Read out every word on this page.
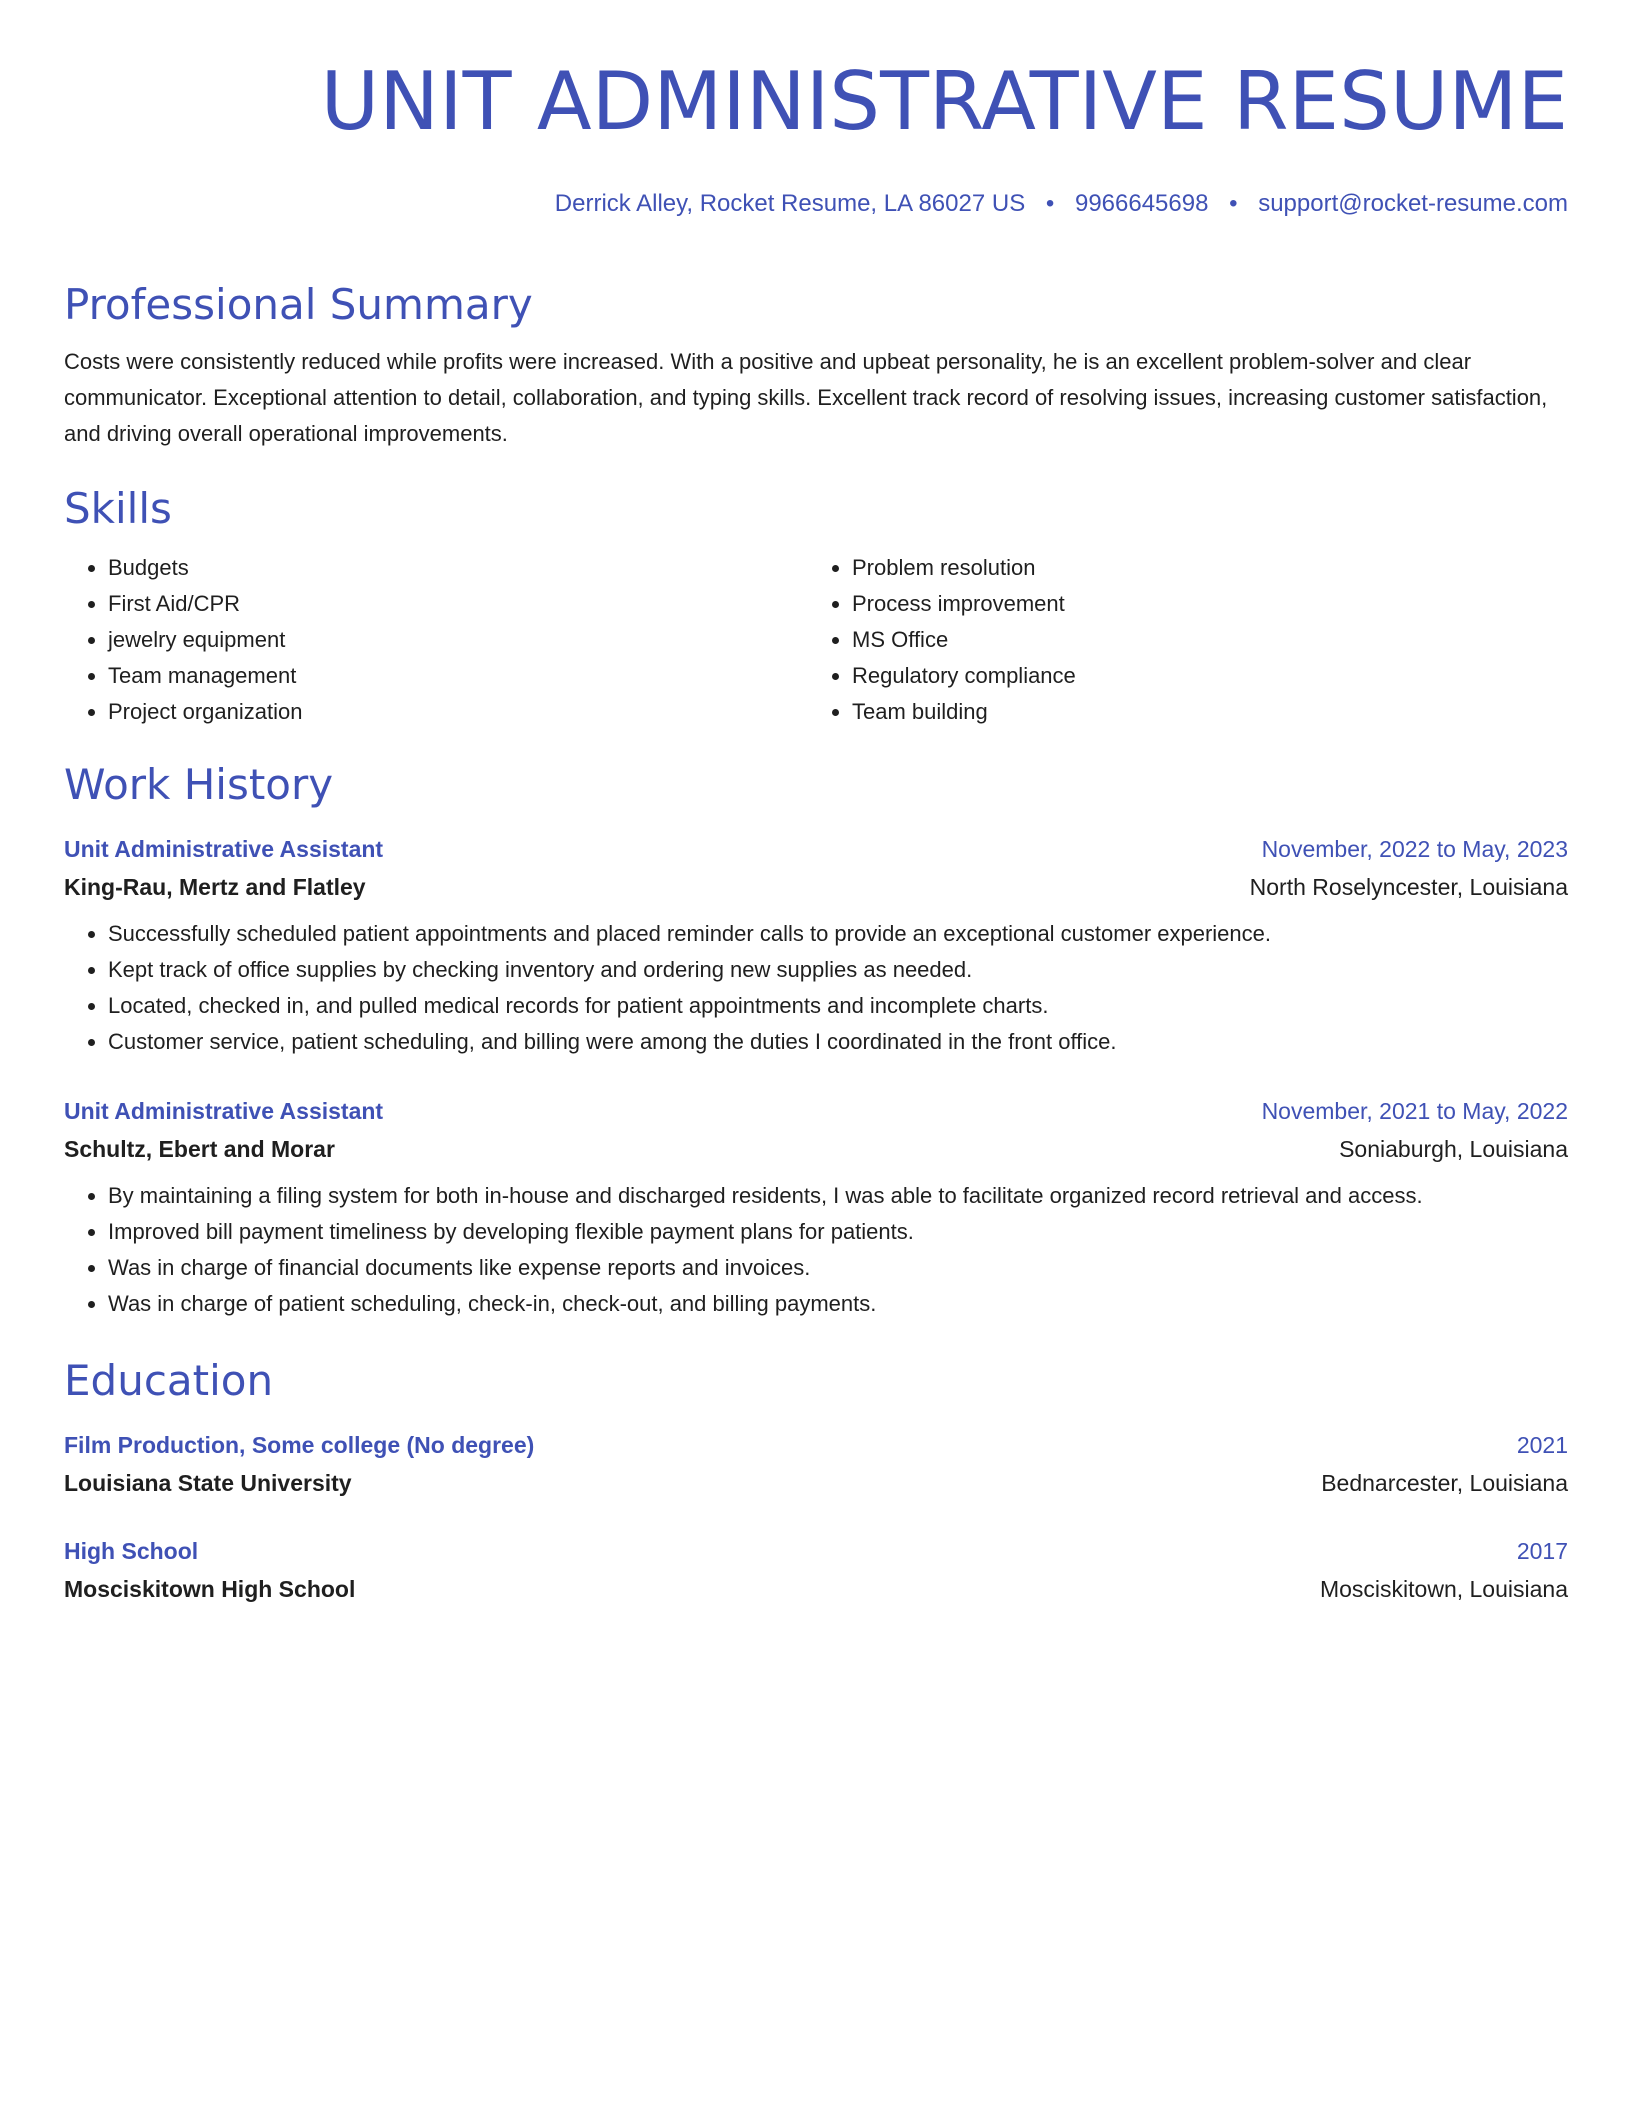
UNIT ADMINISTRATIVE RESUME
Derrick Alley, Rocket Resume, LA 86027 US • 9966645698 • support@rocket-resume.com
Professional Summary
Costs were consistently reduced while profits were increased. With a positive and upbeat personality, he is an excellent problem-solver and clear communicator. Exceptional attention to detail, collaboration, and typing skills. Excellent track record of resolving issues, increasing customer satisfaction, and driving overall operational improvements.
Skills
• Budgets
• First Aid/CPR
• jewelry equipment
• Team management
• Project organization
• Problem resolution
• Process improvement
• MS Office
• Regulatory compliance
• Team building
Work History
Unit Administrative Assistant	November, 2022 to May, 2023
King-Rau, Mertz and Flatley	North Roselyncester, Louisiana
• Successfully scheduled patient appointments and placed reminder calls to provide an exceptional customer experience.
• Kept track of office supplies by checking inventory and ordering new supplies as needed.
• Located, checked in, and pulled medical records for patient appointments and incomplete charts.
• Customer service, patient scheduling, and billing were among the duties I coordinated in the front office.
Unit Administrative Assistant	November, 2021 to May, 2022
Schultz, Ebert and Morar	Soniaburgh, Louisiana
• By maintaining a filing system for both in-house and discharged residents, I was able to facilitate organized record retrieval and access.
• Improved bill payment timeliness by developing flexible payment plans for patients.
• Was in charge of financial documents like expense reports and invoices.
• Was in charge of patient scheduling, check-in, check-out, and billing payments.
Education
Film Production, Some college (No degree)	2021
Louisiana State University	Bednarcester, Louisiana
High School	2017
Mosciskitown High School	Mosciskitown, Louisiana
